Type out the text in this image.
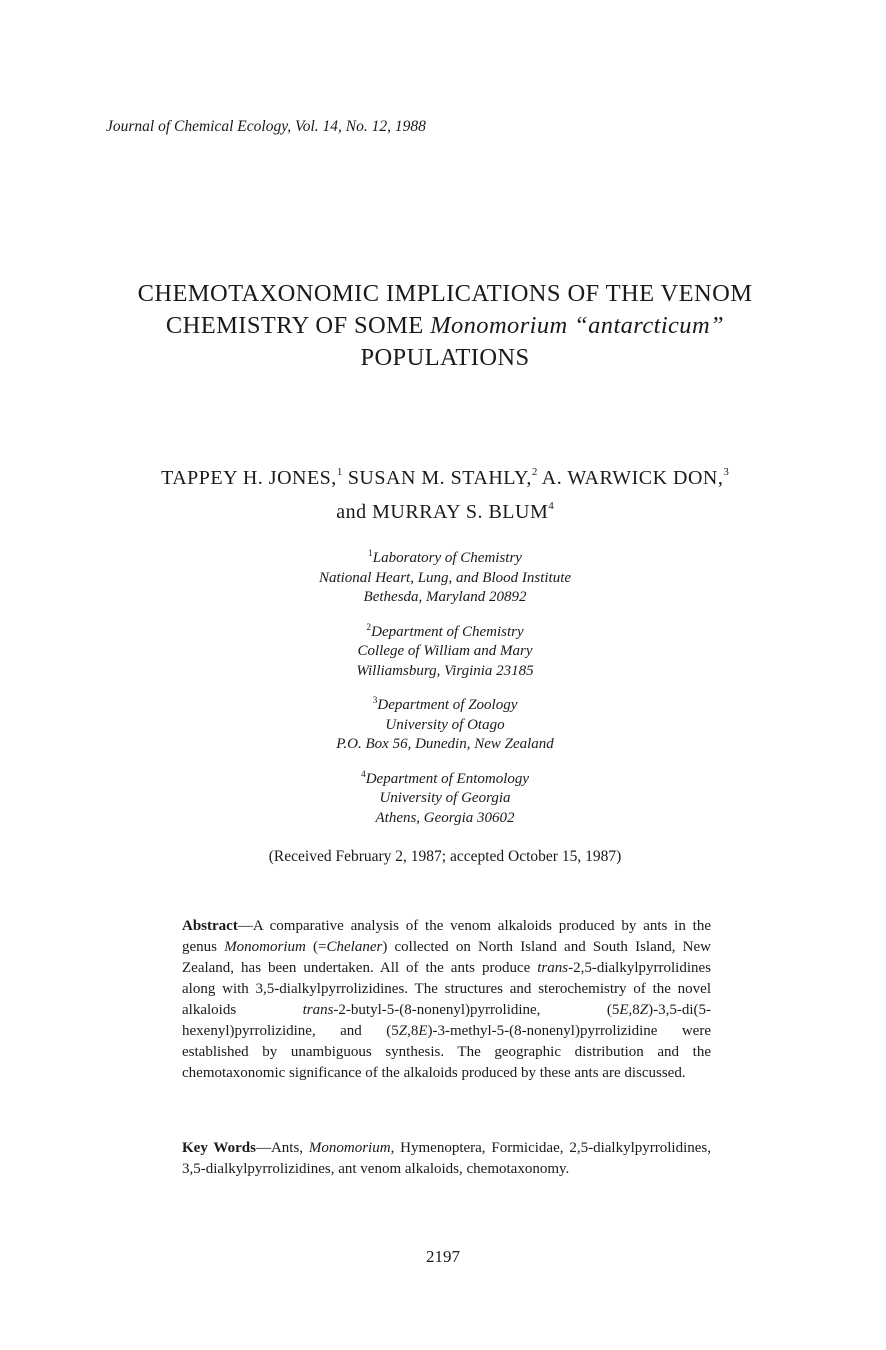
Journal of Chemical Ecology, Vol. 14, No. 12, 1988
CHEMOTAXONOMIC IMPLICATIONS OF THE VENOM
CHEMISTRY OF SOME Monomorium “antarcticum”
POPULATIONS
TAPPEY H. JONES,$^1$ SUSAN M. STAHLY,$^2$ A. WARWICK DON,$^3$
and MURRAY S. BLUM$^4$
$^1$Laboratory of Chemistry
National Heart, Lung, and Blood Institute
Bethesda, Maryland 20892
$^2$Department of Chemistry
College of William and Mary
Williamsburg, Virginia 23185
$^3$Department of Zoology
University of Otago
P.O. Box 56, Dunedin, New Zealand
$^4$Department of Entomology
University of Georgia
Athens, Georgia 30602
(Received February 2, 1987; accepted October 15, 1987)
Abstract—A comparative analysis of the venom alkaloids produced by ants in the genus Monomorium (=Chelaner) collected on North Island and South Island, New Zealand, has been undertaken. All of the ants produce trans-2,5-dialkylpyrrolidines along with 3,5-dialkylpyrrolizidines. The structures and sterochemistry of the novel alkaloids trans-2-butyl-5-(8-nonenyl)pyrrolidine, (5E,8Z)-3,5-di(5-hexenyl)pyrrolizidine, and (5Z,8E)-3-methyl-5-(8-nonenyl)pyrrolizidine were established by unambiguous synthesis. The geographic distribution and the chemotaxonomic significance of the alkaloids produced by these ants are discussed.
Key Words—Ants, Monomorium, Hymenoptera, Formicidae, 2,5-dialkylpyrrolidines, 3,5-dialkylpyrrolizidines, ant venom alkaloids, chemotaxonomy.
2197
